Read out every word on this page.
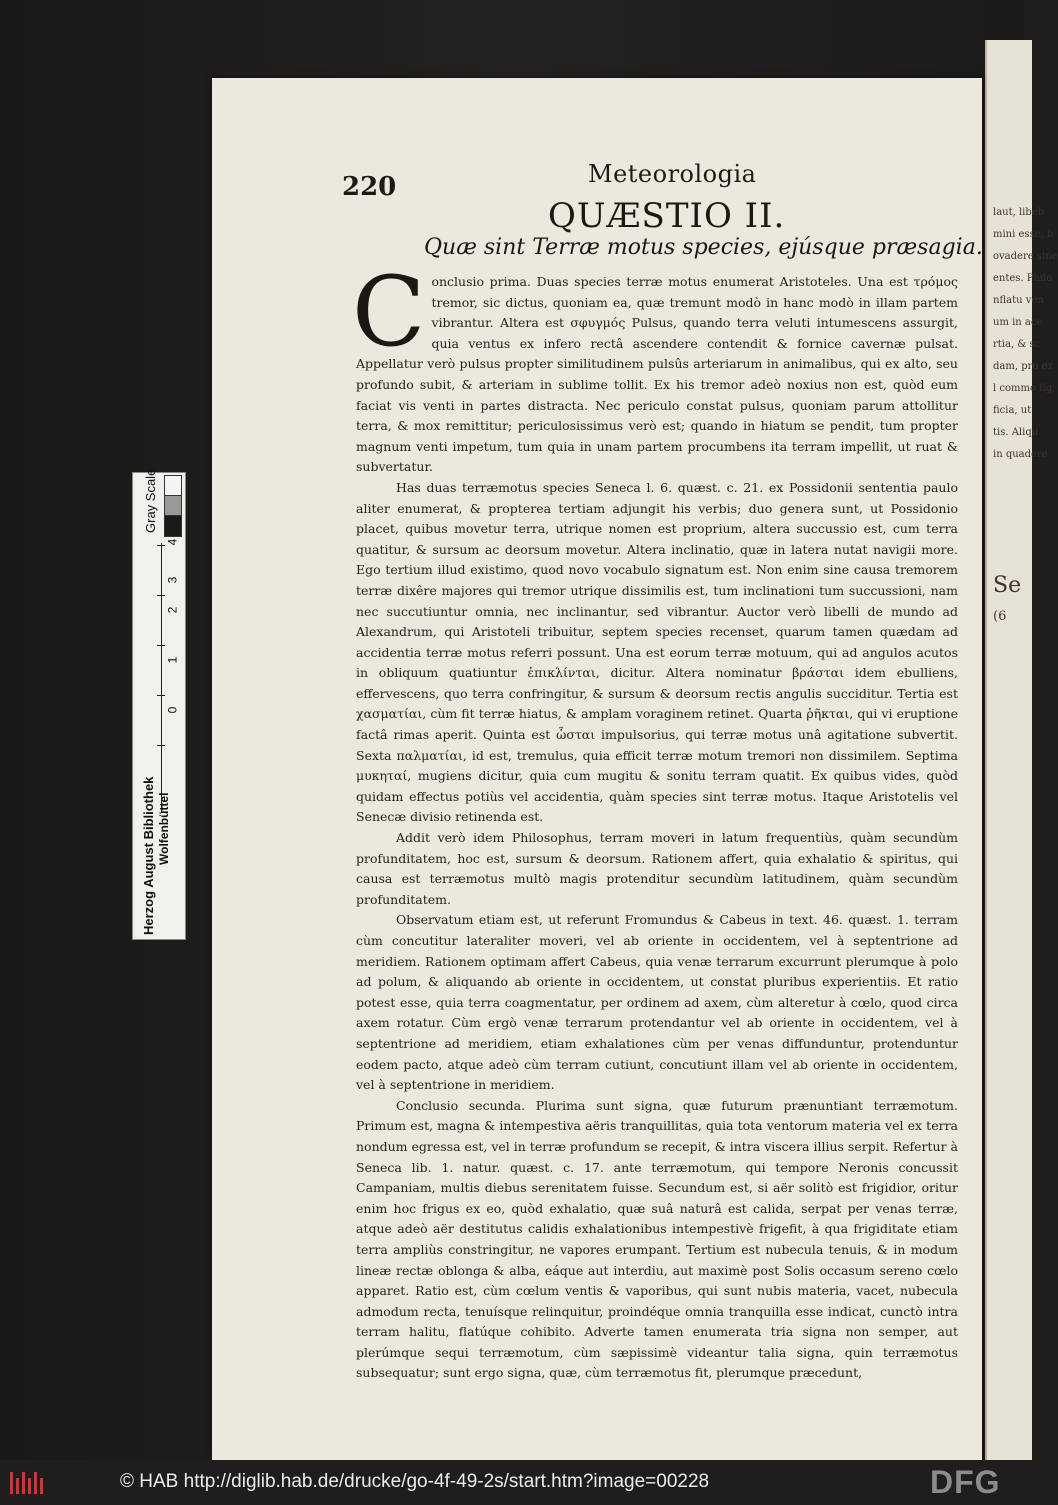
laut, libeb
mini esse, h
ovadere sine
entes. Philo
nflatu ven
um in ace
rtia, & sc
dam, pro ex
l commo fig
ficia, ut
tis. Aliqu
in quadere
Se
(6
220	Meteorologia
QUÆSTIO II.
Quæ sint Terræ motus species, ejúsque præsagia.

Conclusio prima. Duas species terræ motus enumerat Aristoteles. Una est τρόμος tremor, sic dictus, quoniam ea, quæ tremunt modò in hanc modò in illam partem vibrantur. Altera est σφυγμός Pulsus, quando terra veluti intumescens assurgit, quia ventus ex infero rectâ ascendere contendit & fornice cavernæ pulsat. Appellatur verò pulsus propter similitudinem pulsûs arteriarum in animalibus, qui ex alto, seu profundo subit, & arteriam in sublime tollit. Ex his tremor adeò noxius non est, quòd eum faciat vis venti in partes distracta. Nec periculo constat pulsus, quoniam parum attollitur terra, & mox remittitur; periculosissimus verò est; quando in hiatum se pendit, tum propter magnum venti impetum, tum quia in unam partem procumbens ita terram impellit, ut ruat & subvertatur.

Has duas terræmotus species Seneca l. 6. quæst. c. 21. ex Possidonii sententia paulo aliter enumerat, & propterea tertiam adjungit his verbis; duo genera sunt, ut Possidonio placet, quibus movetur terra, utrique nomen est proprium, altera succussio est, cum terra quatitur, & sursum ac deorsum movetur. Altera inclinatio, quæ in latera nutat navigii more. Ego tertium illud existimo, quod novo vocabulo signatum est. Non enim sine causa tremorem terræ dixêre majores qui tremor utrique dissimilis est, tum inclinationi tum succussioni, nam nec succutiuntur omnia, nec inclinantur, sed vibrantur. Auctor verò libelli de mundo ad Alexandrum, qui Aristoteli tribuitur, septem species recenset, quarum tamen quædam ad accidentia terræ motus referri possunt. Una est eorum terræ motuum, qui ad angulos acutos in obliquum quatiuntur ἐπικλίνται, dicitur. Altera nominatur βράσται idem ebulliens, effervescens, quo terra confringitur, & sursum & deorsum rectis angulis succiditur. Tertia est χασματίαι, cùm fit terræ hiatus, & amplam voraginem retinet. Quarta ῥῆκται, qui vi eruptione factâ rimas aperit. Quinta est ὧσται impulsorius, qui terræ motus unâ agitatione subvertit. Sexta παλματίαι, id est, tremulus, quia efficit terræ motum tremori non dissimilem. Septima μυκηταί, mugiens dicitur, quia cum mugitu & sonitu terram quatit. Ex quibus vides, quòd quidam effectus potiùs vel accidentia, quàm species sint terræ motus. Itaque Aristotelis vel Senecæ divisio retinenda est.

Addit verò idem Philosophus, terram moveri in latum frequentiùs, quàm secundùm profunditatem, hoc est, sursum & deorsum. Rationem affert, quia exhalatio & spiritus, qui causa est terræmotus multò magis protenditur secundùm latitudinem, quàm secundùm profunditatem.

Observatum etiam est, ut referunt Fromundus & Cabeus in text. 46. quæst. 1. terram cùm concutitur lateraliter moveri, vel ab oriente in occidentem, vel à septentrione ad meridiem. Rationem optimam affert Cabeus, quia venæ terrarum excurrunt plerumque à polo ad polum, & aliquando ab oriente in occidentem, ut constat pluribus experientiis. Et ratio potest esse, quia terra coagmentatur, per ordinem ad axem, cùm alteretur à cœlo, quod circa axem rotatur. Cùm ergò venæ terrarum protendantur vel ab oriente in occidentem, vel à septentrione ad meridiem, etiam exhalationes cùm per venas diffunduntur, protenduntur eodem pacto, atque adeò cùm terram cutiunt, concutiunt illam vel ab oriente in occidentem, vel à septentrione in meridiem.

Conclusio secunda. Plurima sunt signa, quæ futurum prænuntiant terræmotum. Primum est, magna & intempestiva aëris tranquillitas, quia tota ventorum materia vel ex terra nondum egressa est, vel in terræ profundum se recepit, & intra viscera illius serpit. Refertur à Seneca lib. 1. natur. quæst. c. 17. ante terræmotum, qui tempore Neronis concussit Campaniam, multis diebus serenitatem fuisse. Secundum est, si aër solitò est frigidior, oritur enim hoc frigus ex eo, quòd exhalatio, quæ suâ naturâ est calida, serpat per venas terræ, atque adeò aër destitutus calidis exhalationibus intempestivè frigefit, à qua frigiditate etiam terra ampliùs constringitur, ne vapores erumpant. Tertium est nubecula tenuis, & in modum lineæ rectæ oblonga & alba, eáque aut interdiu, aut maximè post Solis occasum sereno cœlo apparet. Ratio est, cùm cœlum ventis & vaporibus, qui sunt nubis materia, vacet, nubecula admodum recta, tenuísque relinquitur, proindéque omnia tranquilla esse indicat, cunctò intra terram halitu, flatúque cohibito. Adverte tamen enumerata tria signa non semper, aut plerúmque sequi terræmotum, cùm sæpissimè videantur talia signa, quin terræmotus subsequatur; sunt ergo signa, quæ, cùm terræmotus fit, plerumque præcedunt,

Gray Scale
0
1
2
3
4
Herzog August Bibliothek Wolfenbüttel
© HAB http://diglib.hab.de/drucke/go-4f-49-2s/start.htm?image=00228	DFG
